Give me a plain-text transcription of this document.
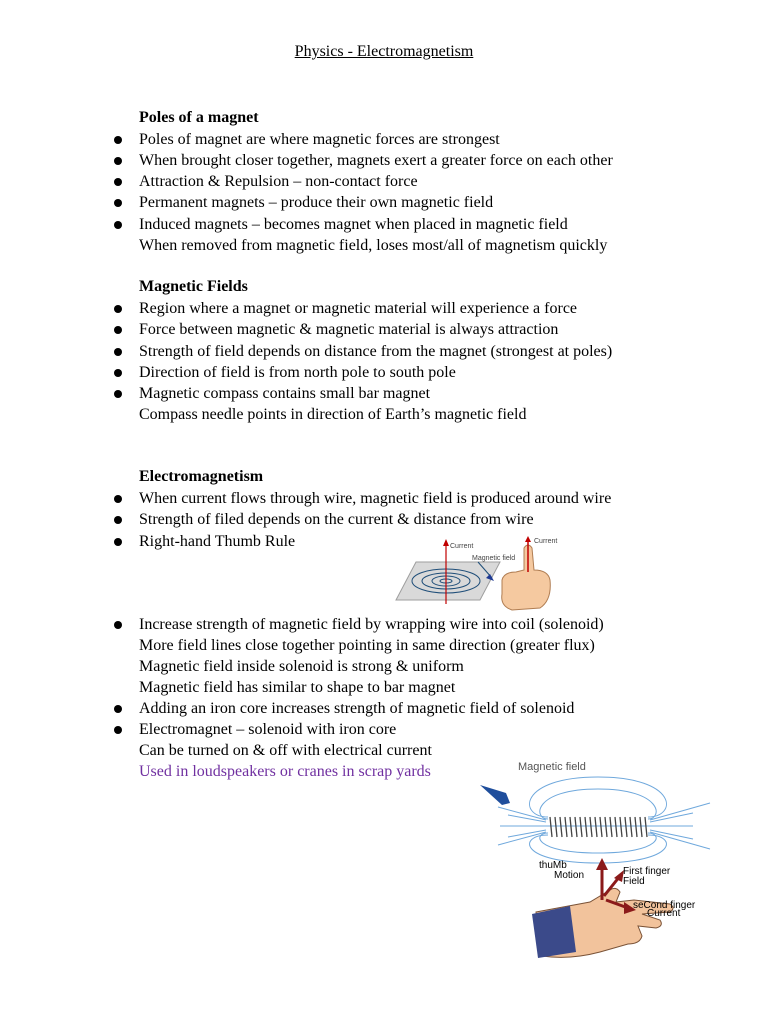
Physics - Electromagnetism
Poles of a magnet
Poles of magnet are where magnetic forces are strongest
When brought closer together, magnets exert a greater force on each other
Attraction & Repulsion – non-contact force
Permanent magnets – produce their own magnetic field
Induced magnets – becomes magnet when placed in magnetic field
When removed from magnetic field, loses most/all of magnetism quickly
Magnetic Fields
Region where a magnet or magnetic material will experience a force
Force between magnetic & magnetic material is always attraction
Strength of field depends on distance from the magnet (strongest at poles)
Direction of field is from north pole to south pole
Magnetic compass contains small bar magnet
Compass needle points in direction of Earth’s magnetic field
Electromagnetism
When current flows through wire, magnetic field is produced around wire
Strength of filed depends on the current & distance from wire
Right-hand Thumb Rule	Current
Magnetic field
Current
Increase strength of magnetic field by wrapping wire into coil (solenoid)
More field lines close together pointing in same direction (greater flux)
Magnetic field inside solenoid is strong & uniform
Magnetic field has similar to shape to bar magnet
Adding an iron core increases strength of magnetic field of solenoid
Electromagnet – solenoid with iron core
Can be turned on & off with electrical current
Used in loudspeakers or cranes in scrap yards	Magnetic field
thuMb
Motion	First finger
Field
seCond finger
Current
